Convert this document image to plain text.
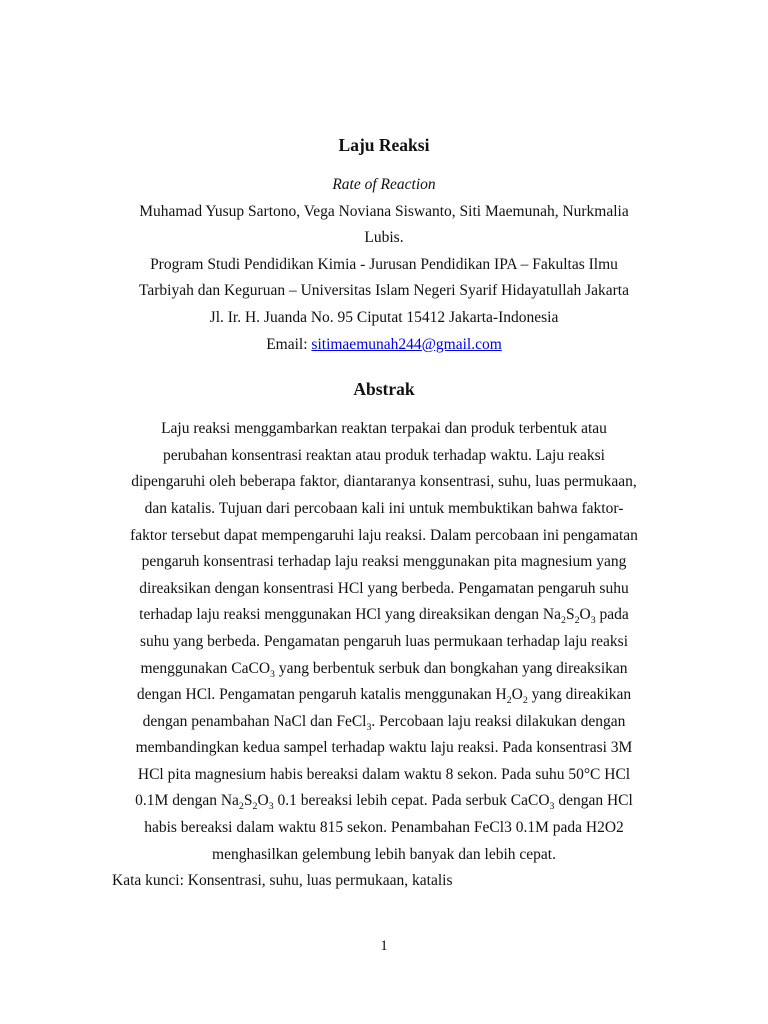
Laju Reaksi
Rate of Reaction
Muhamad Yusup Sartono, Vega Noviana Siswanto, Siti Maemunah, Nurkmalia
Lubis.
Program Studi Pendidikan Kimia - Jurusan Pendidikan IPA – Fakultas Ilmu
Tarbiyah dan Keguruan – Universitas Islam Negeri Syarif Hidayatullah Jakarta
Jl. Ir. H. Juanda No. 95 Ciputat 15412 Jakarta-Indonesia
Email: sitimaemunah244@gmail.com
Abstrak
Laju reaksi menggambarkan reaktan terpakai dan produk terbentuk atau
perubahan konsentrasi reaktan atau produk terhadap waktu. Laju reaksi
dipengaruhi oleh beberapa faktor, diantaranya konsentrasi, suhu, luas permukaan,
dan katalis. Tujuan dari percobaan kali ini untuk membuktikan bahwa faktor-
faktor tersebut dapat mempengaruhi laju reaksi. Dalam percobaan ini pengamatan
pengaruh konsentrasi terhadap laju reaksi menggunakan pita magnesium yang
direaksikan dengan konsentrasi HCl yang berbeda. Pengamatan pengaruh suhu
terhadap laju reaksi menggunakan HCl yang direaksikan dengan $Na_2S_2O_3$ pada
suhu yang berbeda. Pengamatan pengaruh luas permukaan terhadap laju reaksi
menggunakan CaCO$_3$ yang berbentuk serbuk dan bongkahan yang direaksikan
dengan HCl. Pengamatan pengaruh katalis menggunakan $H_2O_2$ yang direakikan
dengan penambahan NaCl dan FeCl$_3$. Percobaan laju reaksi dilakukan dengan
membandingkan kedua sampel terhadap waktu laju reaksi. Pada konsentrasi 3M
HCl pita magnesium habis bereaksi dalam waktu 8 sekon. Pada suhu 50°C HCl
0.1M dengan $Na_2S_2O_3$ 0.1 bereaksi lebih cepat. Pada serbuk CaCO$_3$ dengan HCl
habis bereaksi dalam waktu 815 sekon. Penambahan FeCl3 0.1M pada H2O2
menghasilkan gelembung lebih banyak dan lebih cepat.
Kata kunci: Konsentrasi, suhu, luas permukaan, katalis
1
